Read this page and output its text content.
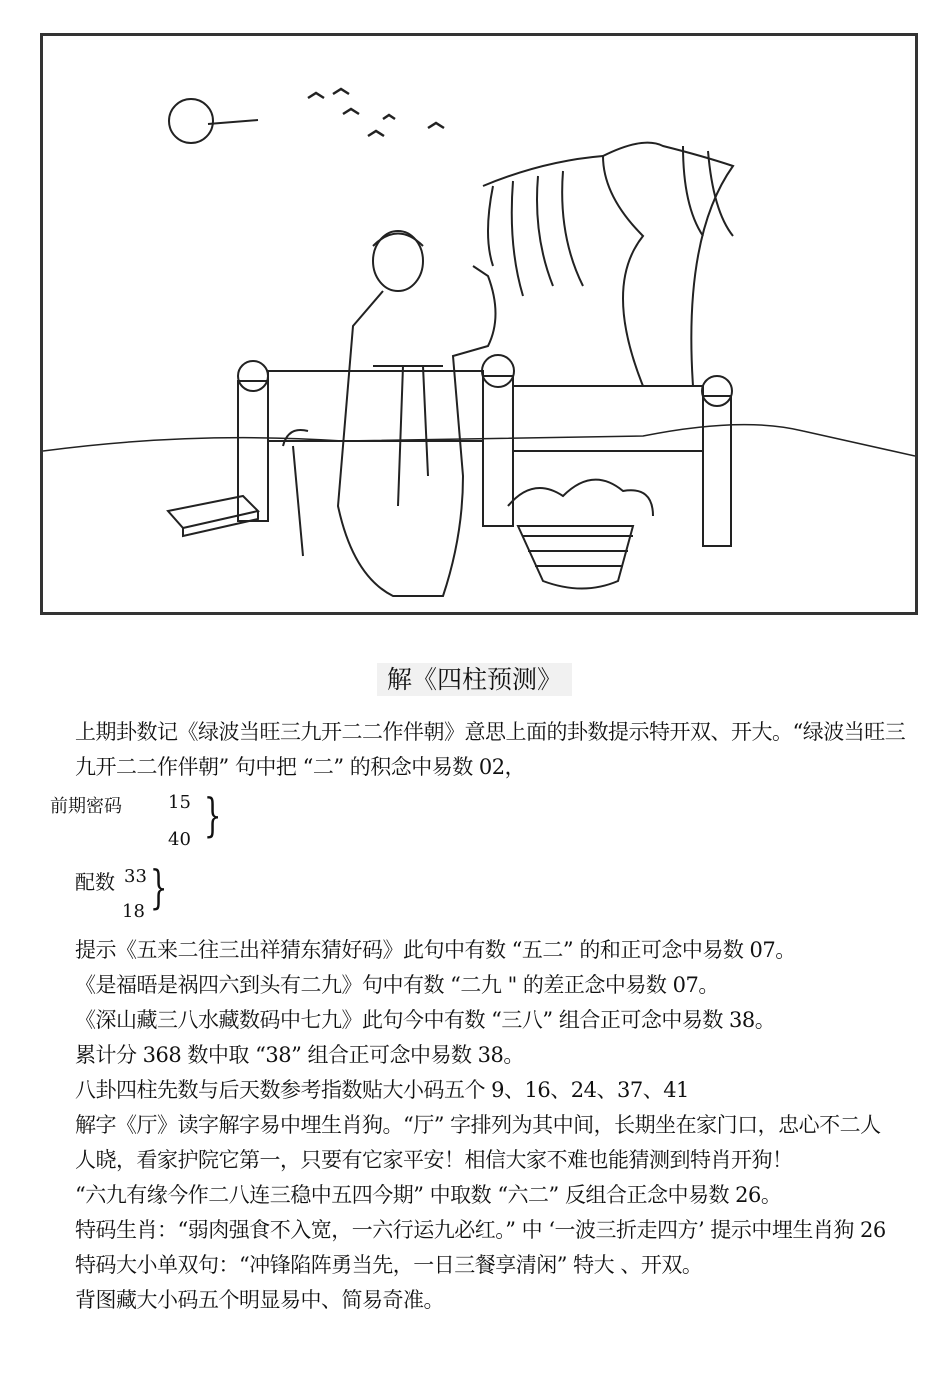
解《四柱预测》
上期卦数记《绿波当旺三九开二二作伴朝》意思上面的卦数提示特开双、开大。“绿波当旺三
九开二二作伴朝” 句中把 “二” 的积念中易数 02，
前期密码	15
40 }
配数 33
18 }
提示《五来二往三出祥猜东猜好码》此句中有数 “五二” 的和正可念中易数 07。
《是福晤是祸四六到头有二九》句中有数 “二九 " 的差正念中易数 07。
《深山藏三八水藏数码中七九》此句今中有数 “三八” 组合正可念中易数 38。
累计分 368 数中取 “38” 组合正可念中易数 38。
八卦四柱先数与后天数参考指数贴大小码五个 9、16、24、37、41
解字《厅》读字解字易中埋生肖狗。“厅” 字排列为其中间，长期坐在家门口，忠心不二人
人晓，看家护院它第一，只要有它家平安！相信大家不难也能猜测到特肖开狗！
“六九有缘今作二八连三稳中五四今期” 中取数 “六二” 反组合正念中易数 26。
特码生肖：“弱肉强食不入宽，一六行运九必红。” 中 ‘一波三折走四方’ 提示中埋生肖狗 26
特码大小单双句：“冲锋陷阵勇当先，一日三餐享清闲” 特大 、开双。
背图藏大小码五个明显易中、简易奇准。
